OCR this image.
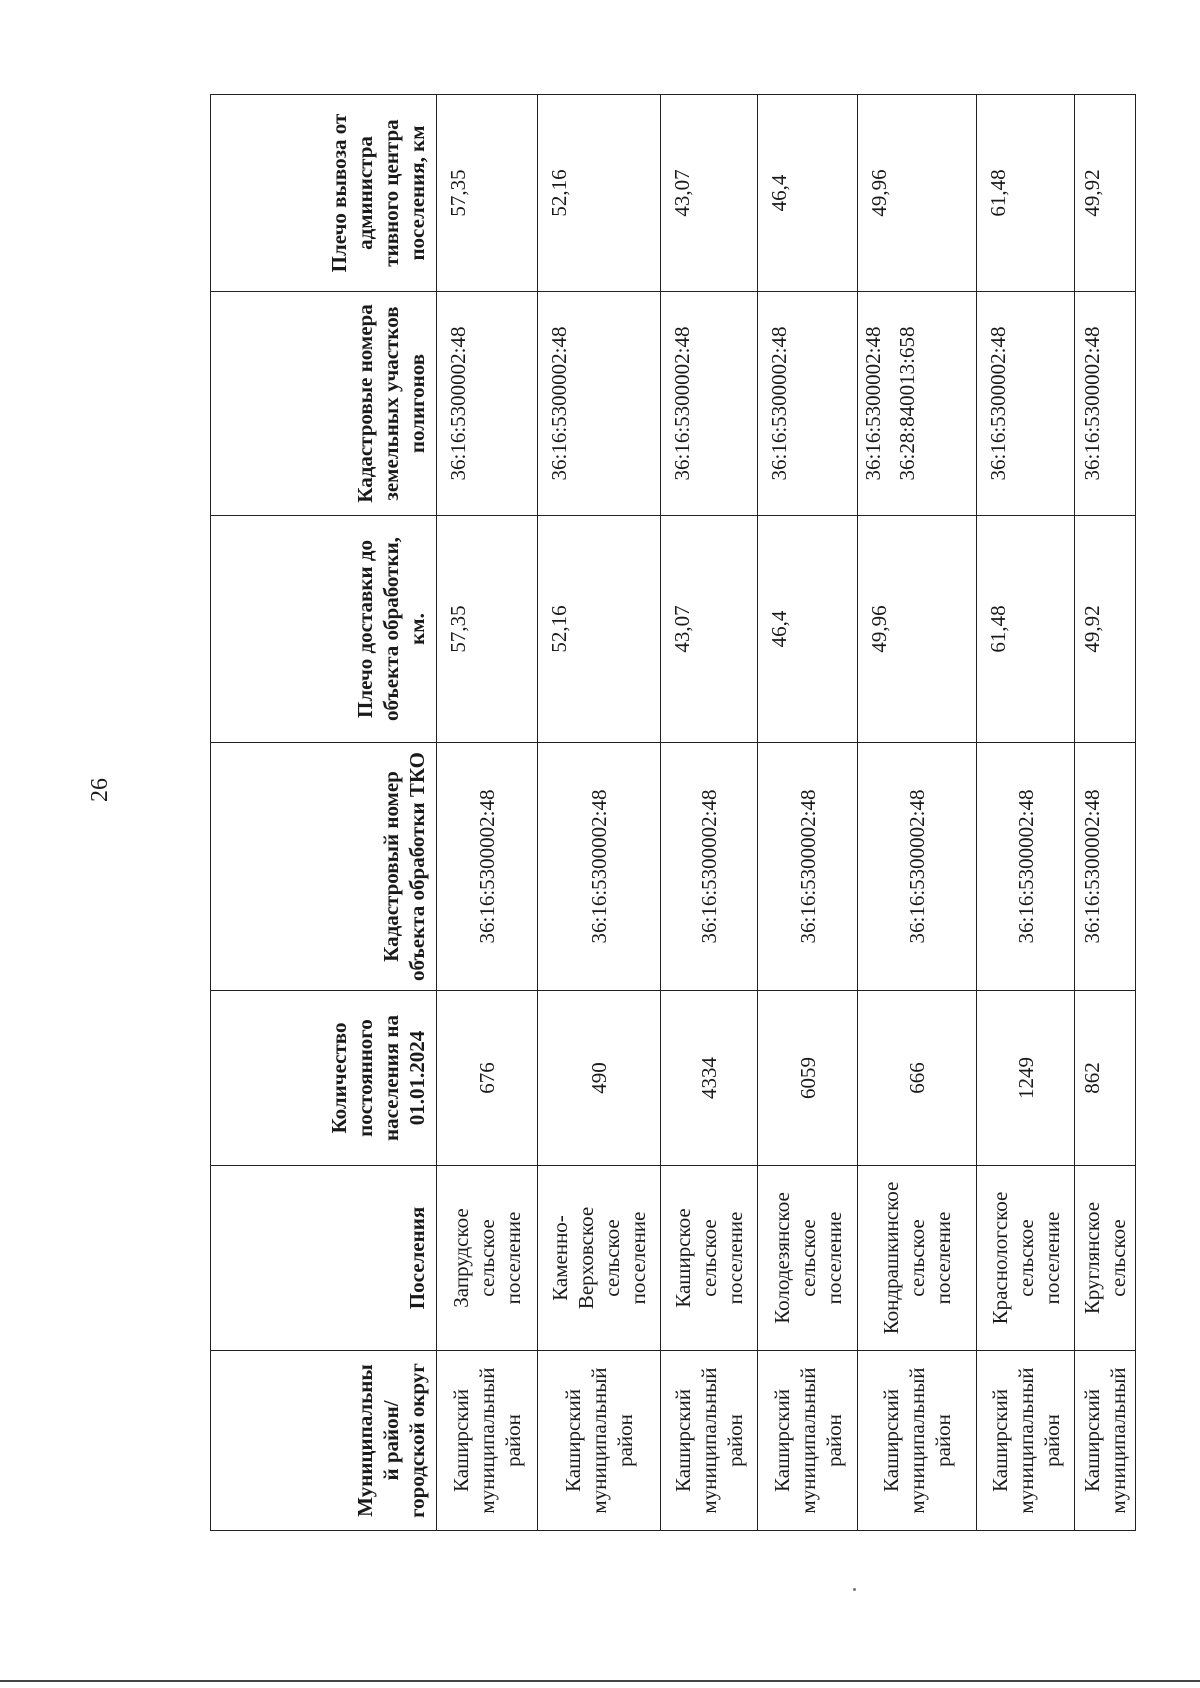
26
Муниципальны й район/ городской округ	Поселения	Количество постоянного населения на 01.01.2024	Кадастровый номер объекта обработки ТКО	Плечо доставки до объекта обработки, км.	Кадастровые номера земельных участков полигонов	Плечо вывоза от администра тивного центра поселения, км
Каширский муниципальный район	Запрудское сельское поселение	676	36:16:5300002:48	57,35	36:16:5300002:48	57,35
Каширский муниципальный район	Каменно-Верховское сельское поселение	490	36:16:5300002:48	52,16	36:16:5300002:48	52,16
Каширский муниципальный район	Каширское сельское поселение	4334	36:16:5300002:48	43,07	36:16:5300002:48	43,07
Каширский муниципальный район	Колодезянское сельское поселение	6059	36:16:5300002:48	46,4	36:16:5300002:48	46,4
Каширский муниципальный район	Кондрашкинское сельское поселение	666	36:16:5300002:48	49,96	36:16:5300002:48 36:28:840013:658	49,96
Каширский муниципальный район	Краснологское сельское поселение	1249	36:16:5300002:48	61,48	36:16:5300002:48	61,48
Каширский муниципальный	Круглянское сельское	862	36:16:5300002:48	49,92	36:16:5300002:48	49,92
